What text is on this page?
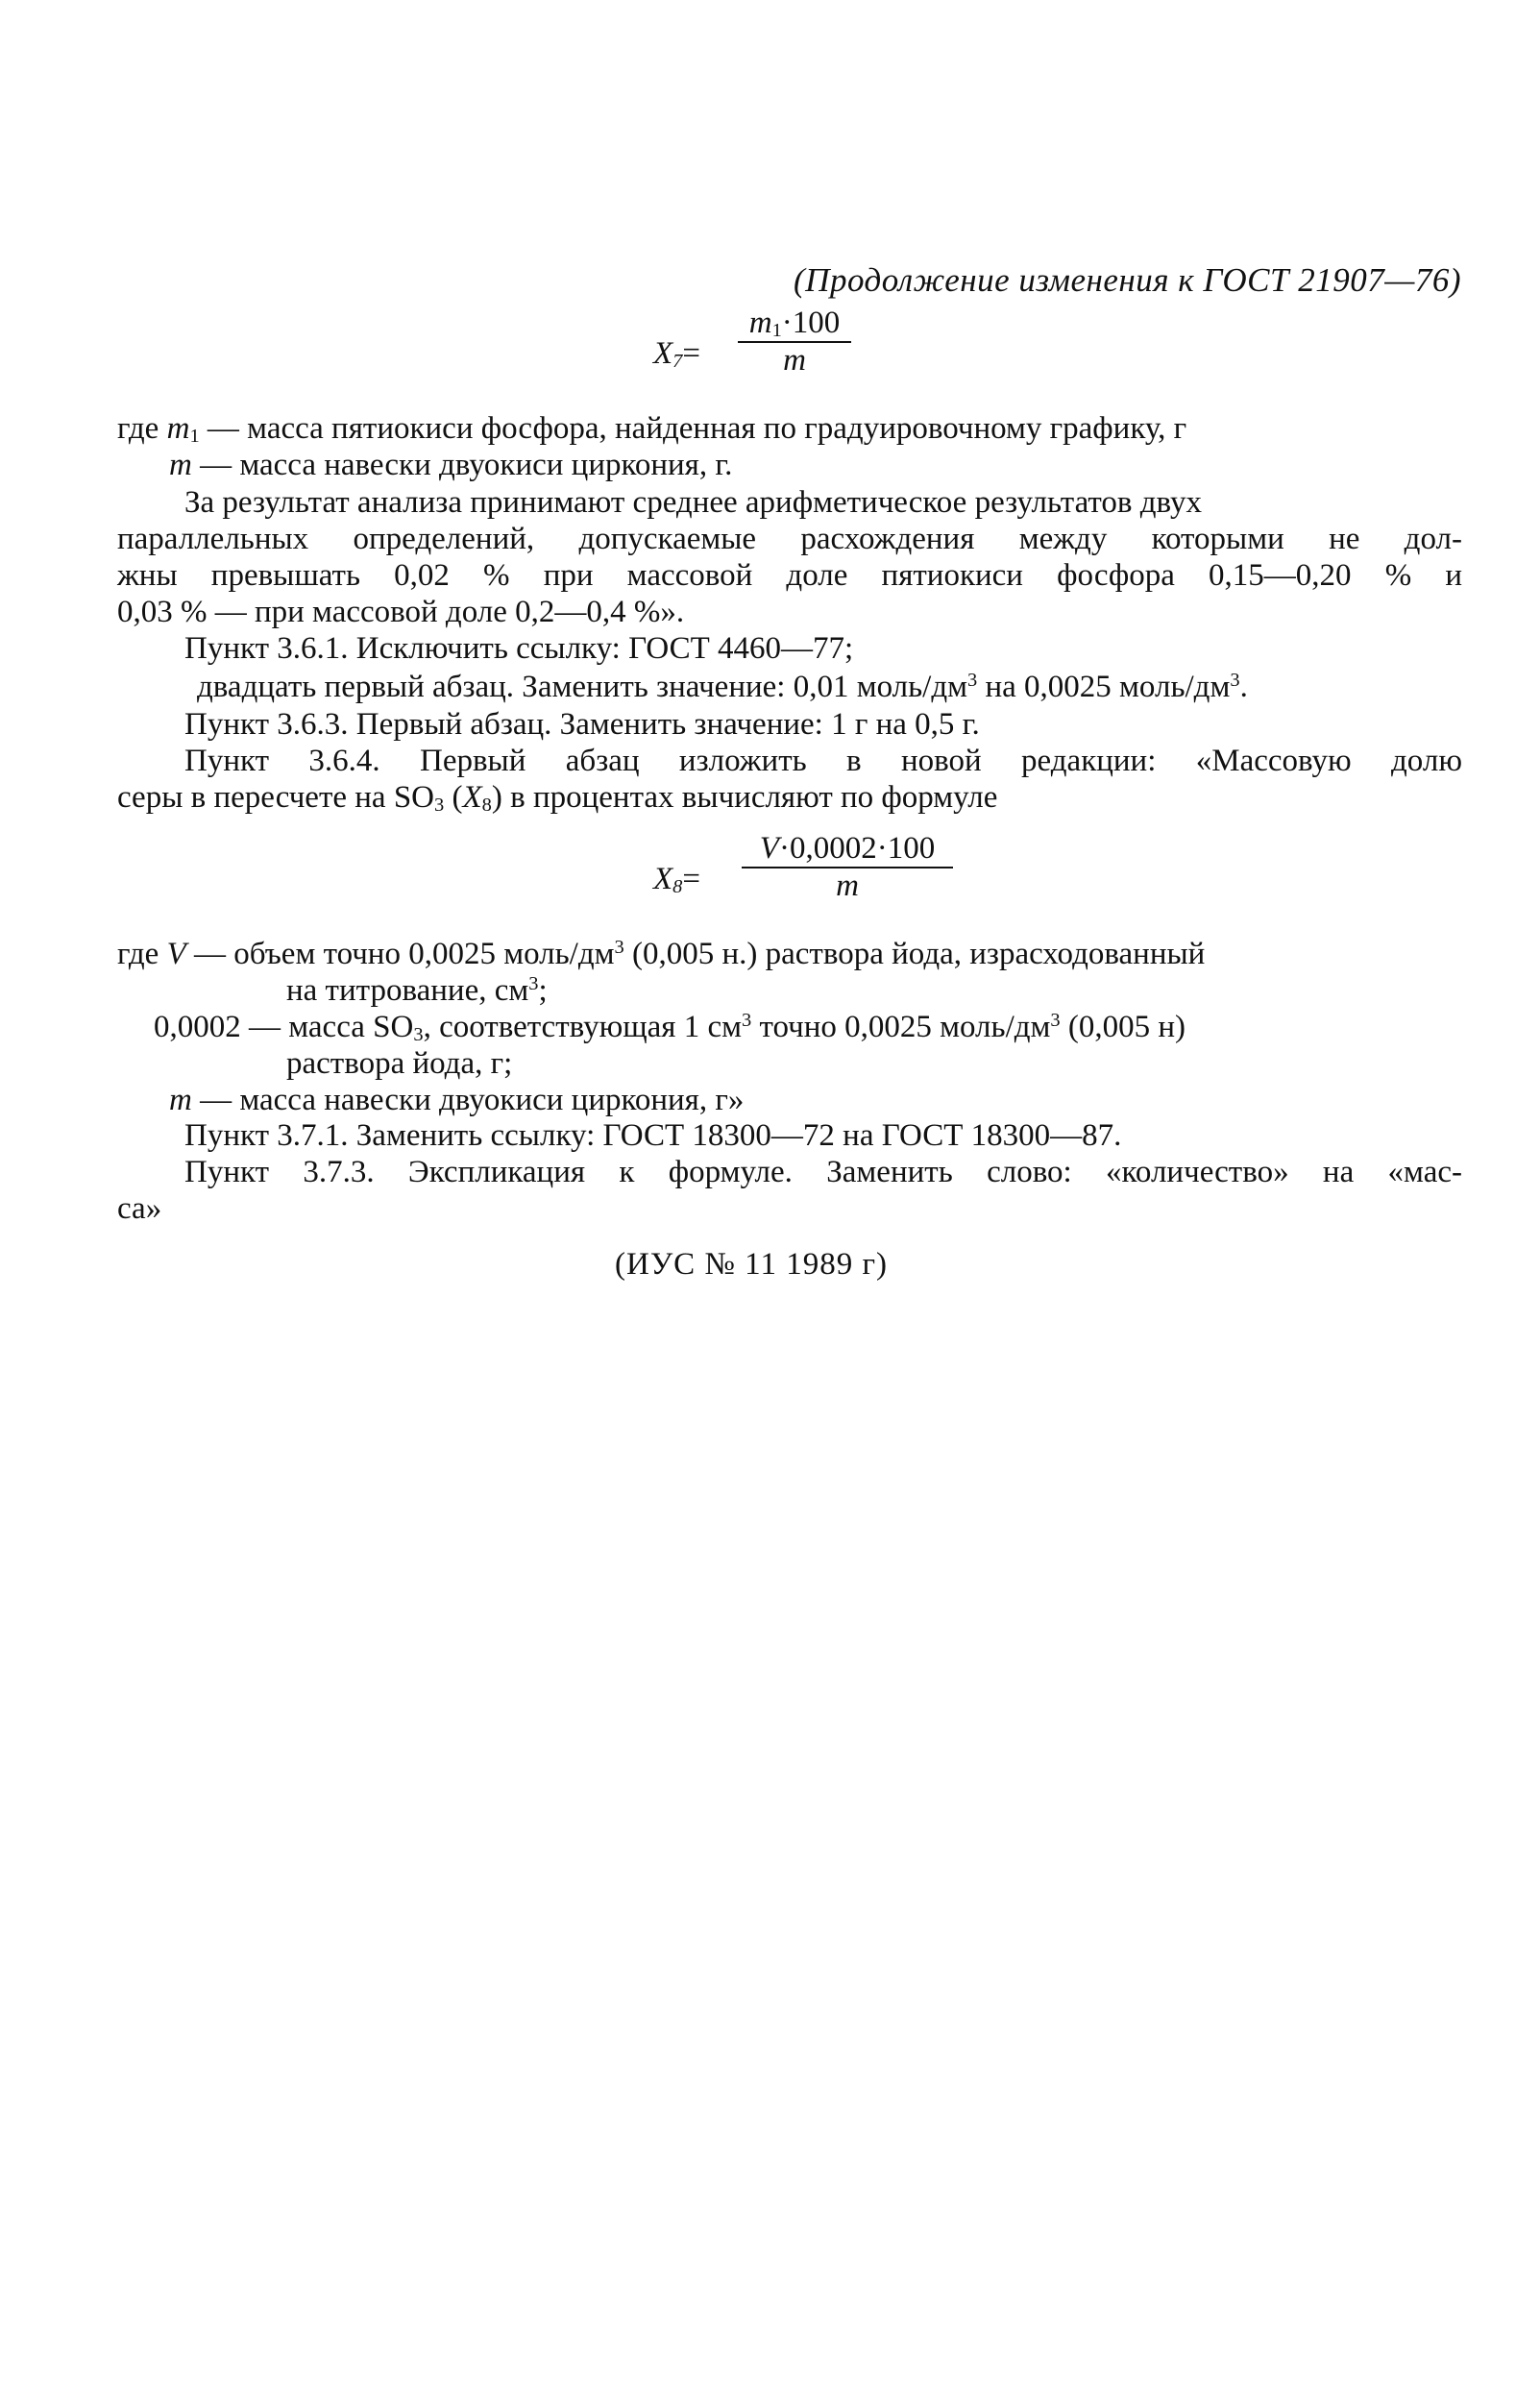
(Продолжение изменения к ГОСТ 21907—76)
$X_7=$
$m_1\cdot 100$
m
где $m_1$ — масса пятиокиси фосфора, найденная по градуировочному графику, г
m — масса навески двуокиси циркония, г.
За результат анализа принимают среднее арифметическое результатов двух
параллельных определений, допускаемые расхождения между которыми не дол-
жны превышать 0,02 % при массовой доле пятиокиси фосфора 0,15—0,20 % и
0,03 % — при массовой доле 0,2—0,4 %».
Пункт 3.6.1. Исключить ссылку: ГОСТ 4460—77;
двадцать первый абзац. Заменить значение: 0,01 моль/$дм^3$ на 0,0025 моль/$дм^3$.
Пункт 3.6.3. Первый абзац. Заменить значение: 1 г на 0,5 г.
Пункт 3.6.4. Первый абзац изложить в новой редакции: «Массовую долю
серы в пересчете на $SO_3$ $(X_8)$ в процентах вычисляют по формуле
$X_8=$
V·0,0002·100
m
где V — объем точно 0,0025 моль/$дм^3$ (0,005 н.) раствора йода, израсходованный
на титрование, $см^3$;
0,0002 — масса $SO_3$, соответствующая 1 $см^3$ точно 0,0025 моль/$дм^3$ (0,005 н)
раствора йода, г;
m — масса навески двуокиси циркония, г»
Пункт 3.7.1. Заменить ссылку: ГОСТ 18300—72 на ГОСТ 18300—87.
Пункт 3.7.3. Экспликация к формуле. Заменить слово: «количество» на «мас-
са»
(ИУС № 11 1989 г)
